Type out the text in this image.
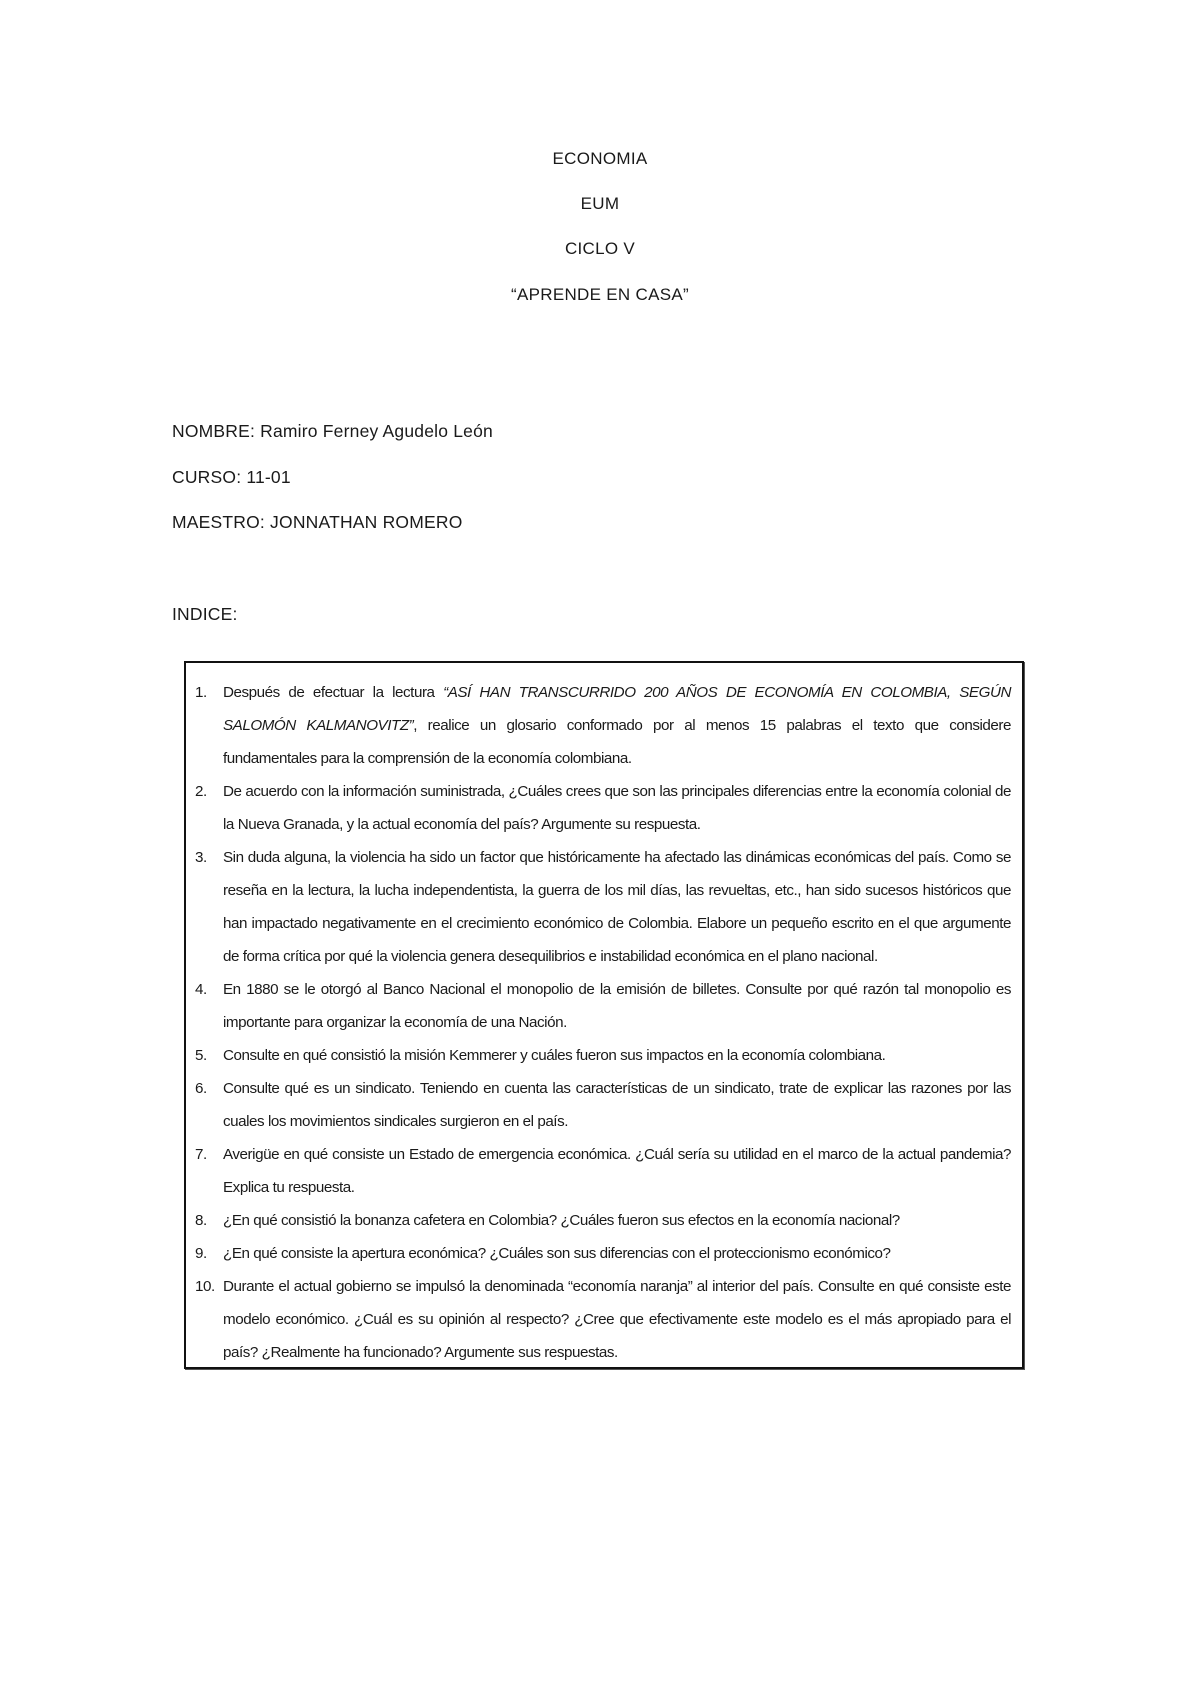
ECONOMIA
EUM
CICLO V
“APRENDE EN CASA”
NOMBRE: Ramiro Ferney Agudelo León
CURSO: 11-01
MAESTRO: JONNATHAN ROMERO
INDICE:
1.	Después de efectuar la lectura “ASÍ HAN TRANSCURRIDO 200 AÑOS DE ECONOMÍA EN COLOMBIA, SEGÚN SALOMÓN KALMANOVITZ”, realice un glosario conformado por al menos 15 palabras el texto que considere fundamentales para la comprensión de la economía colombiana.
2.	De acuerdo con la información suministrada, ¿Cuáles crees que son las principales diferencias entre la economía colonial de la Nueva Granada, y la actual economía del país? Argumente su respuesta.
3.	Sin duda alguna, la violencia ha sido un factor que históricamente ha afectado las dinámicas económicas del país. Como se reseña en la lectura, la lucha independentista, la guerra de los mil días, las revueltas, etc., han sido sucesos históricos que han impactado negativamente en el crecimiento económico de Colombia. Elabore un pequeño escrito en el que argumente de forma crítica por qué la violencia genera desequilibrios e instabilidad económica en el plano nacional.
4.	En 1880 se le otorgó al Banco Nacional el monopolio de la emisión de billetes. Consulte por qué razón tal monopolio es importante para organizar la economía de una Nación.
5.	Consulte en qué consistió la misión Kemmerer y cuáles fueron sus impactos en la economía colombiana.
6.	Consulte qué es un sindicato. Teniendo en cuenta las características de un sindicato, trate de explicar las razones por las cuales los movimientos sindicales surgieron en el país.
7.	Averigüe en qué consiste un Estado de emergencia económica. ¿Cuál sería su utilidad en el marco de la actual pandemia? Explica tu respuesta.
8.	¿En qué consistió la bonanza cafetera en Colombia? ¿Cuáles fueron sus efectos en la economía nacional?
9.	¿En qué consiste la apertura económica? ¿Cuáles son sus diferencias con el proteccionismo económico?
10. Durante el actual gobierno se impulsó la denominada “economía naranja” al interior del país. Consulte en qué consiste este modelo económico. ¿Cuál es su opinión al respecto? ¿Cree que efectivamente este modelo es el más apropiado para el país? ¿Realmente ha funcionado? Argumente sus respuestas.
